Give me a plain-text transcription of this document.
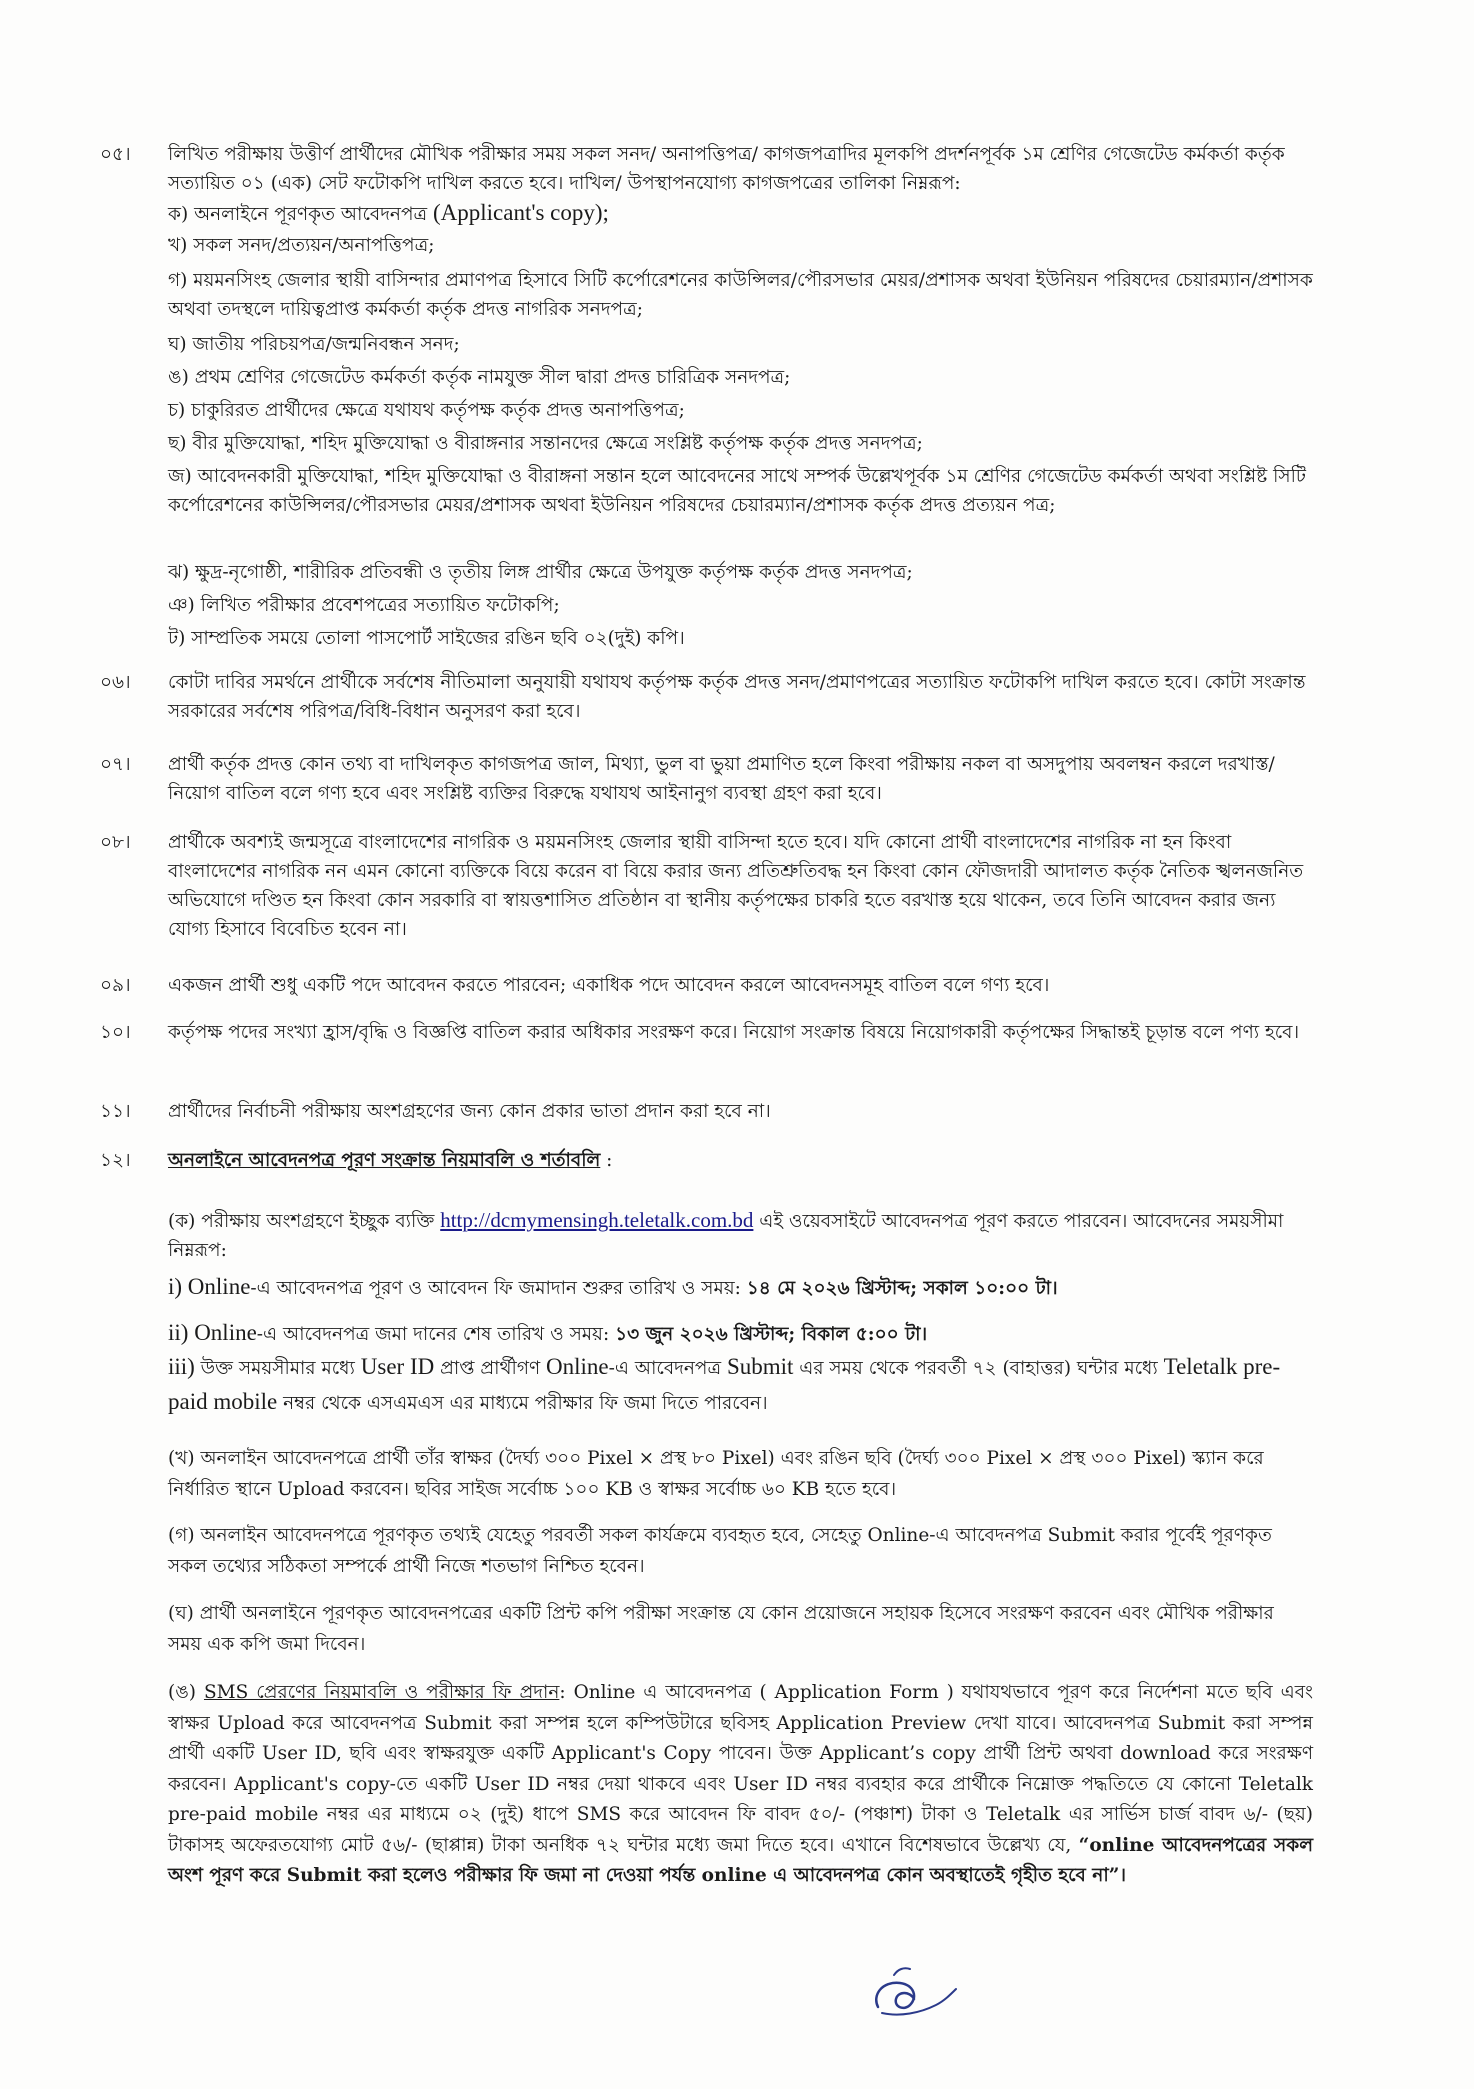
০৫।	লিখিত পরীক্ষায় উত্তীর্ণ প্রার্থীদের মৌখিক পরীক্ষার সময় সকল সনদ/ অনাপত্তিপত্র/ কাগজপত্রাদির মূলকপি প্রদর্শনপূর্বক ১ম শ্রেণির গেজেটেড কর্মকর্তা কর্তৃক সত্যায়িত ০১ (এক) সেট ফটোকপি দাখিল করতে হবে। দাখিল/ উপস্থাপনযোগ্য কাগজপত্রের তালিকা নিম্নরূপ:
ক) অনলাইনে পূরণকৃত আবেদনপত্র (Applicant's copy);
খ) সকল সনদ/প্রত্যয়ন/অনাপত্তিপত্র;
গ) ময়মনসিংহ জেলার স্থায়ী বাসিন্দার প্রমাণপত্র হিসাবে সিটি কর্পোরেশনের কাউন্সিলর/পৌরসভার মেয়র/প্রশাসক অথবা ইউনিয়ন পরিষদের চেয়ারম্যান/প্রশাসক অথবা তদস্থলে দায়িত্বপ্রাপ্ত কর্মকর্তা কর্তৃক প্রদত্ত নাগরিক সনদপত্র;
ঘ) জাতীয় পরিচয়পত্র/জন্মনিবন্ধন সনদ;
ঙ) প্রথম শ্রেণির গেজেটেড কর্মকর্তা কর্তৃক নামযুক্ত সীল দ্বারা প্রদত্ত চারিত্রিক সনদপত্র;
চ) চাকুরিরত প্রার্থীদের ক্ষেত্রে যথাযথ কর্তৃপক্ষ কর্তৃক প্রদত্ত অনাপত্তিপত্র;
ছ) বীর মুক্তিযোদ্ধা, শহিদ মুক্তিযোদ্ধা ও বীরাঙ্গনার সন্তানদের ক্ষেত্রে সংশ্লিষ্ট কর্তৃপক্ষ কর্তৃক প্রদত্ত সনদপত্র;
জ) আবেদনকারী মুক্তিযোদ্ধা, শহিদ মুক্তিযোদ্ধা ও বীরাঙ্গনা সন্তান হলে আবেদনের সাথে সম্পর্ক উল্লেখপূর্বক ১ম শ্রেণির গেজেটেড কর্মকর্তা অথবা সংশ্লিষ্ট সিটি কর্পোরেশনের কাউন্সিলর/পৌরসভার মেয়র/প্রশাসক অথবা ইউনিয়ন পরিষদের চেয়ারম্যান/প্রশাসক কর্তৃক প্রদত্ত প্রত্যয়ন পত্র;
ঝ) ক্ষুদ্র-নৃগোষ্ঠী, শারীরিক প্রতিবন্ধী ও তৃতীয় লিঙ্গ প্রার্থীর ক্ষেত্রে উপযুক্ত কর্তৃপক্ষ কর্তৃক প্রদত্ত সনদপত্র;
ঞ) লিখিত পরীক্ষার প্রবেশপত্রের সত্যায়িত ফটোকপি;
ট) সাম্প্রতিক সময়ে তোলা পাসপোর্ট সাইজের রঙিন ছবি ০২(দুই) কপি।
০৬।	কোটা দাবির সমর্থনে প্রার্থীকে সর্বশেষ নীতিমালা অনুযায়ী যথাযথ কর্তৃপক্ষ কর্তৃক প্রদত্ত সনদ/প্রমাণপত্রের সত্যায়িত ফটোকপি দাখিল করতে হবে। কোটা সংক্রান্ত সরকারের সর্বশেষ পরিপত্র/বিধি-বিধান অনুসরণ করা হবে।
০৭।	প্রার্থী কর্তৃক প্রদত্ত কোন তথ্য বা দাখিলকৃত কাগজপত্র জাল, মিথ্যা, ভুল বা ভুয়া প্রমাণিত হলে কিংবা পরীক্ষায় নকল বা অসদুপায় অবলম্বন করলে দরখাস্ত/নিয়োগ বাতিল বলে গণ্য হবে এবং সংশ্লিষ্ট ব্যক্তির বিরুদ্ধে যথাযথ আইনানুগ ব্যবস্থা গ্রহণ করা হবে।
০৮।	প্রার্থীকে অবশ্যই জন্মসূত্রে বাংলাদেশের নাগরিক ও ময়মনসিংহ জেলার স্থায়ী বাসিন্দা হতে হবে। যদি কোনো প্রার্থী বাংলাদেশের নাগরিক না হন কিংবা বাংলাদেশের নাগরিক নন এমন কোনো ব্যক্তিকে বিয়ে করেন বা বিয়ে করার জন্য প্রতিশ্রুতিবদ্ধ হন কিংবা কোন ফৌজদারী আদালত কর্তৃক নৈতিক স্খলনজনিত অভিযোগে দণ্ডিত হন কিংবা কোন সরকারি বা স্বায়ত্তশাসিত প্রতিষ্ঠান বা স্থানীয় কর্তৃপক্ষের চাকরি হতে বরখাস্ত হয়ে থাকেন, তবে তিনি আবেদন করার জন্য যোগ্য হিসাবে বিবেচিত হবেন না।
০৯।	একজন প্রার্থী শুধু একটি পদে আবেদন করতে পারবেন; একাধিক পদে আবেদন করলে আবেদনসমূহ বাতিল বলে গণ্য হবে।
১০।	কর্তৃপক্ষ পদের সংখ্যা হ্রাস/বৃদ্ধি ও বিজ্ঞপ্তি বাতিল করার অধিকার সংরক্ষণ করে। নিয়োগ সংক্রান্ত বিষয়ে নিয়োগকারী কর্তৃপক্ষের সিদ্ধান্তই চূড়ান্ত বলে পণ্য হবে।
১১।	প্রার্থীদের নির্বাচনী পরীক্ষায় অংশগ্রহণের জন্য কোন প্রকার ভাতা প্রদান করা হবে না।
১২।	অনলাইনে আবেদনপত্র পূরণ সংক্রান্ত নিয়মাবলি ও শর্তাবলি :
(ক) পরীক্ষায় অংশগ্রহণে ইচ্ছুক ব্যক্তি http://dcmymensingh.teletalk.com.bd এই ওয়েবসাইটে আবেদনপত্র পূরণ করতে পারবেন। আবেদনের সময়সীমা নিম্নরূপ:
i) Online-এ আবেদনপত্র পূরণ ও আবেদন ফি জমাদান শুরুর তারিখ ও সময়: ১৪ মে ২০২৬ খ্রিস্টাব্দ; সকাল ১০:০০ টা।
ii) Online-এ আবেদনপত্র জমা দানের শেষ তারিখ ও সময়: ১৩ জুন ২০২৬ খ্রিস্টাব্দ; বিকাল ৫:০০ টা।
iii) উক্ত সময়সীমার মধ্যে User ID প্রাপ্ত প্রার্থীগণ Online-এ আবেদনপত্র Submit এর সময় থেকে পরবর্তী ৭২ (বাহাত্তর) ঘন্টার মধ্যে Teletalk pre-paid mobile নম্বর থেকে এসএমএস এর মাধ্যমে পরীক্ষার ফি জমা দিতে পারবেন।
(খ) অনলাইন আবেদনপত্রে প্রার্থী তাঁর স্বাক্ষর (দৈর্ঘ্য ৩০০ Pixel × প্রস্থ ৮০ Pixel) এবং রঙিন ছবি (দৈর্ঘ্য ৩০০ Pixel × প্রস্থ ৩০০ Pixel) স্ক্যান করে নির্ধারিত স্থানে Upload করবেন। ছবির সাইজ সর্বোচ্চ ১০০ KB ও স্বাক্ষর সর্বোচ্চ ৬০ KB হতে হবে।
(গ) অনলাইন আবেদনপত্রে পূরণকৃত তথ্যই যেহেতু পরবর্তী সকল কার্যক্রমে ব্যবহৃত হবে, সেহেতু Online-এ আবেদনপত্র Submit করার পূর্বেই পূরণকৃত সকল তথ্যের সঠিকতা সম্পর্কে প্রার্থী নিজে শতভাগ নিশ্চিত হবেন।
(ঘ) প্রার্থী অনলাইনে পূরণকৃত আবেদনপত্রের একটি প্রিন্ট কপি পরীক্ষা সংক্রান্ত যে কোন প্রয়োজনে সহায়ক হিসেবে সংরক্ষণ করবেন এবং মৌখিক পরীক্ষার সময় এক কপি জমা দিবেন।
(ঙ) SMS প্রেরণের নিয়মাবলি ও পরীক্ষার ফি প্রদান: Online এ আবেদনপত্র ( Application Form ) যথাযথভাবে পূরণ করে নির্দেশনা মতে ছবি এবং স্বাক্ষর Upload করে আবেদনপত্র Submit করা সম্পন্ন হলে কম্পিউটারে ছবিসহ Application Preview দেখা যাবে। আবেদনপত্র Submit করা সম্পন্ন প্রার্থী একটি User ID, ছবি এবং স্বাক্ষরযুক্ত একটি Applicant's Copy পাবেন। উক্ত Applicant’s copy প্রার্থী প্রিন্ট অথবা download করে সংরক্ষণ করবেন। Applicant's copy-তে একটি User ID নম্বর দেয়া থাকবে এবং User ID নম্বর ব্যবহার করে প্রার্থীকে নিম্নোক্ত পদ্ধতিতে যে কোনো Teletalk pre-paid mobile নম্বর এর মাধ্যমে ০২ (দুই) ধাপে SMS করে আবেদন ফি বাবদ ৫০/- (পঞ্চাশ) টাকা ও Teletalk এর সার্ভিস চার্জ বাবদ ৬/- (ছয়) টাকাসহ অফেরতযোগ্য মোট ৫৬/- (ছাপ্পান্ন) টাকা অনধিক ৭২ ঘন্টার মধ্যে জমা দিতে হবে। এখানে বিশেষভাবে উল্লেখ্য যে, “online আবেদনপত্রের সকল অংশ পূরণ করে Submit করা হলেও পরীক্ষার ফি জমা না দেওয়া পর্যন্ত online এ আবেদনপত্র কোন অবস্থাতেই গৃহীত হবে না”।
